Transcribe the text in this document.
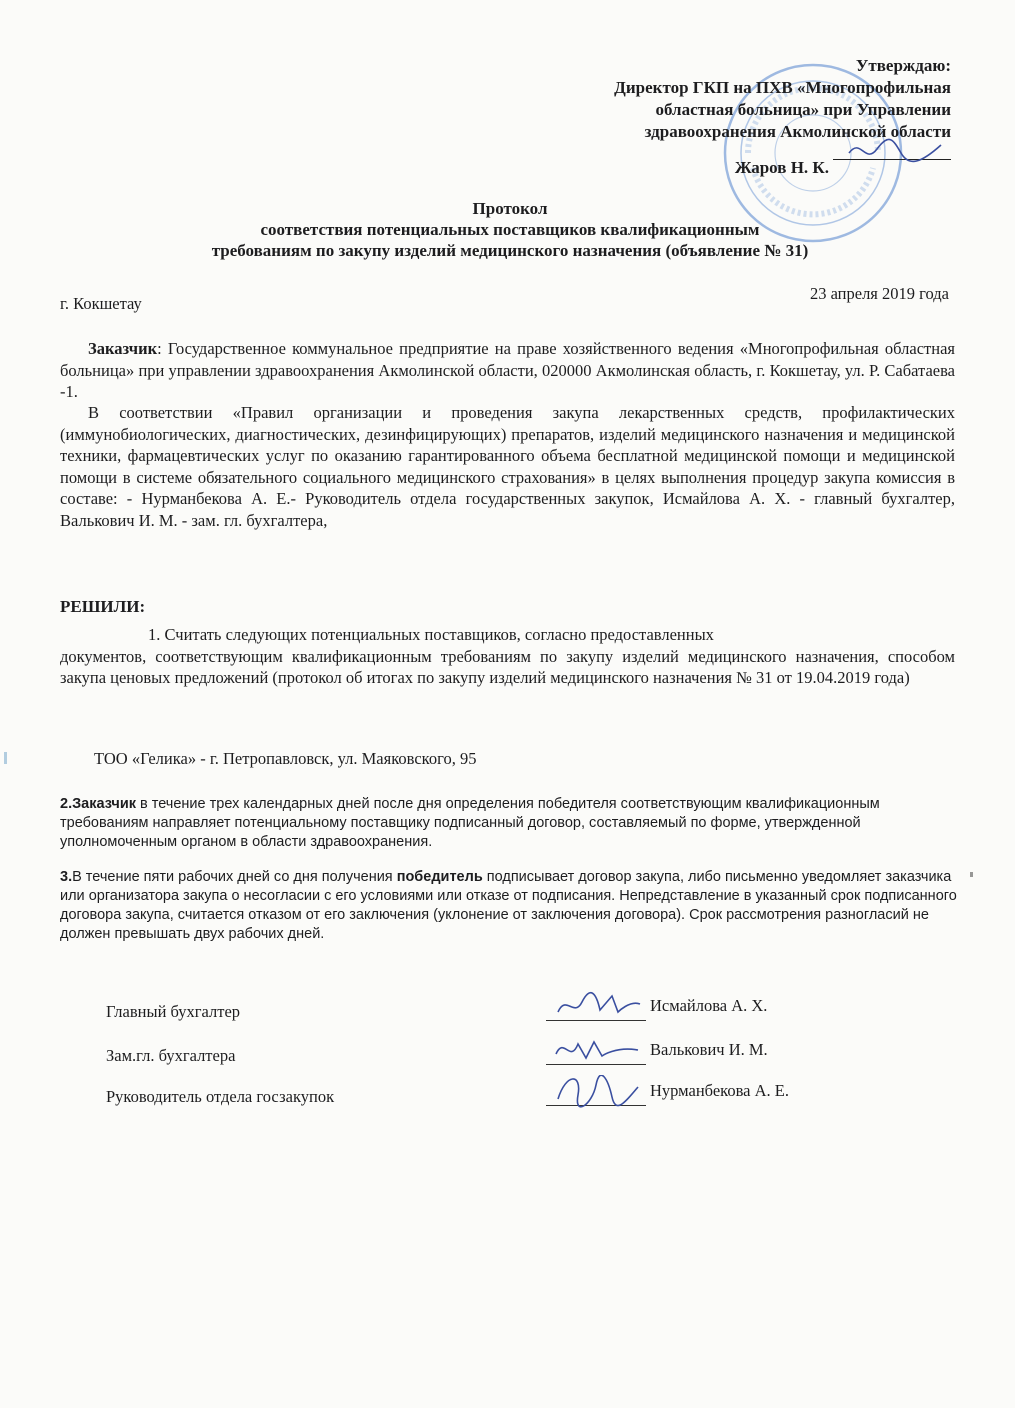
Утверждаю:
Директор ГКП на ПХВ «Многопрофильная
областная больница» при Управлении
здравоохранения Акмолинской области
Жаров Н. К.
Протокол
соответствия потенциальных поставщиков квалификационным
требованиям по закупу изделий медицинского назначения (объявление № 31)
г. Кокшетау
23 апреля 2019 года
Заказчик: Государственное коммунальное предприятие на праве хозяйственного ведения «Многопрофильная областная больница» при управлении здравоохранения Акмолинской области, 020000 Акмолинская область, г. Кокшетау, ул. Р. Сабатаева -1.
В соответствии «Правил организации и проведения закупа лекарственных средств, профилактических (иммунобиологических, диагностических, дезинфицирующих) препаратов, изделий медицинского назначения и медицинской техники, фармацевтических услуг по оказанию гарантированного объема бесплатной медицинской помощи и медицинской помощи в системе обязательного социального медицинского страхования» в целях выполнения процедур закупа комиссия в составе: - Нурманбекова А. Е.- Руководитель отдела государственных закупок, Исмайлова А. Х. - главный бухгалтер, Валькович И. М. - зам. гл. бухгалтера,
РЕШИЛИ:
1. Считать следующих потенциальных поставщиков, согласно предоставленных
документов, соответствующим квалификационным требованиям по закупу изделий медицинского назначения, способом закупа ценовых предложений (протокол об итогах по закупу изделий медицинского назначения № 31 от 19.04.2019 года)
ТОО «Гелика» - г. Петропавловск, ул. Маяковского, 95
2.Заказчик в течение трех календарных дней после дня определения победителя соответствующим квалификационным требованиям направляет потенциальному поставщику подписанный договор, составляемый по форме, утвержденной уполномоченным органом в области здравоохранения.
3.В течение пяти рабочих дней со дня получения победитель подписывает договор закупа, либо письменно уведомляет заказчика или организатора закупа о несогласии с его условиями или отказе от подписания. Непредставление в указанный срок подписанного договора закупа, считается отказом от его заключения (уклонение от заключения договора). Срок рассмотрения разногласий не должен превышать двух рабочих дней.
Главный бухгалтер	Исмайлова А. Х.
Зам.гл. бухгалтера	Валькович И. М.
Руководитель отдела госзакупок	Нурманбекова А. Е.
